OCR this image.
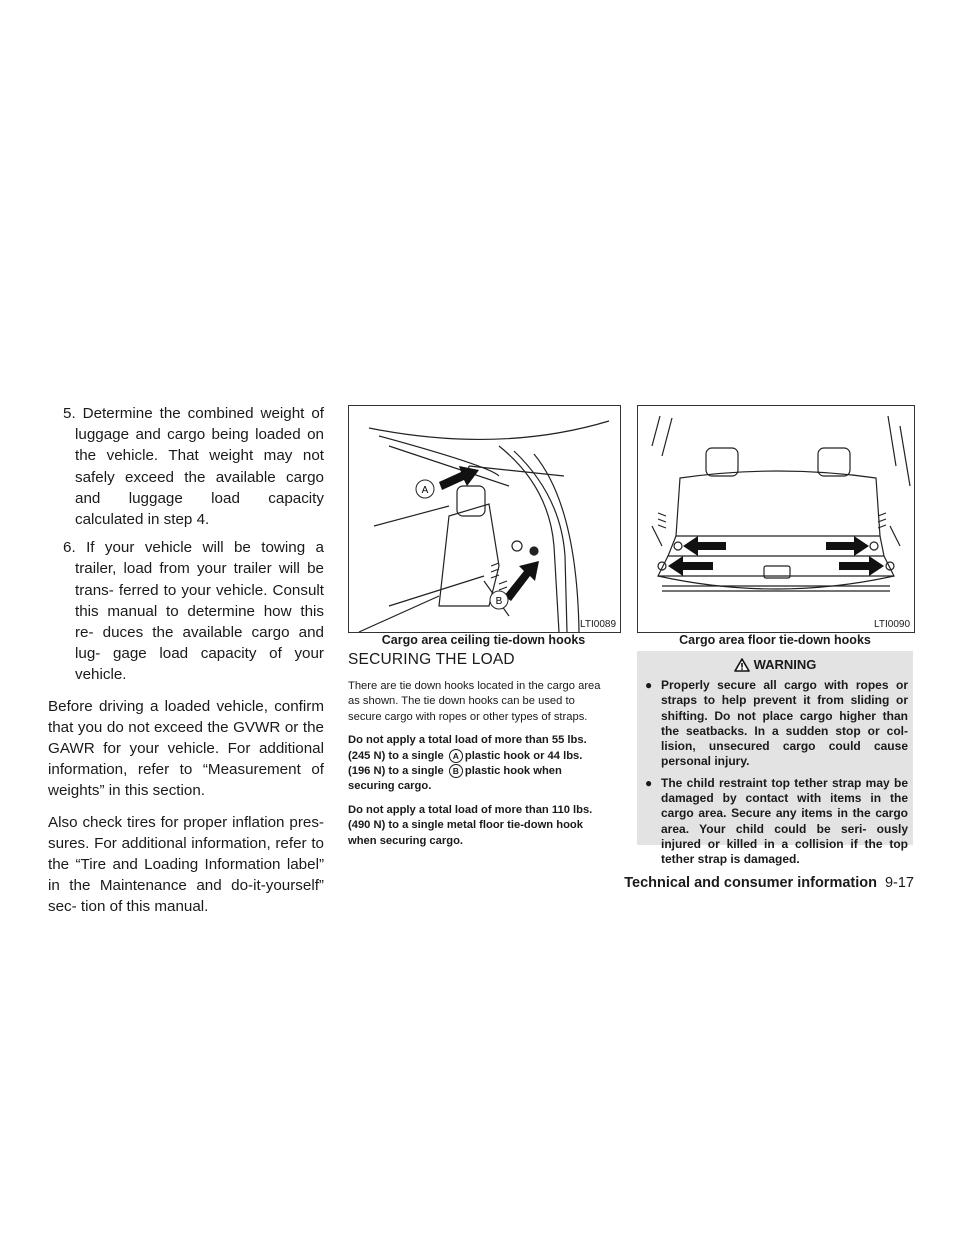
5. Determine the combined weight of luggage and cargo being loaded on the vehicle. That weight may not safely exceed the available cargo and luggage load capacity calculated in step 4.

6. If your vehicle will be towing a trailer, load from your trailer will be trans- ferred to your vehicle. Consult this manual to determine how this re- duces the available cargo and lug- gage load capacity of your vehicle.

Before driving a loaded vehicle, confirm that you do not exceed the GVWR or the GAWR for your vehicle. For additional information, refer to “Measurement of weights” in this section.

Also check tires for proper inflation pres- sures. For additional information, refer to the “Tire and Loading Information label” in the Maintenance and do-it-yourself” sec- tion of this manual.

A
B
LTI0089
Cargo area ceiling tie-down hooks
LTI0090
Cargo area floor tie-down hooks
SECURING THE LOAD

There are tie down hooks located in the cargo area as shown. The tie down hooks can be used to secure cargo with ropes or other types of straps.

Do not apply a total load of more than 55 lbs. (245 N) to a single A plastic hook or 44 lbs. (196 N) to a single B plastic hook when securing cargo.

Do not apply a total load of more than 110 lbs. (490 N) to a single metal floor tie-down hook when securing cargo.

WARNING
● Properly secure all cargo with ropes or straps to help prevent it from sliding or shifting. Do not place cargo higher than the seatbacks. In a sudden stop or col- lision, unsecured cargo could cause personal injury.
● The child restraint top tether strap may be damaged by contact with items in the cargo area. Secure any items in the cargo area. Your child could be seri- ously injured or killed in a collision if the top tether strap is damaged.
Technical and consumer information 9-17
